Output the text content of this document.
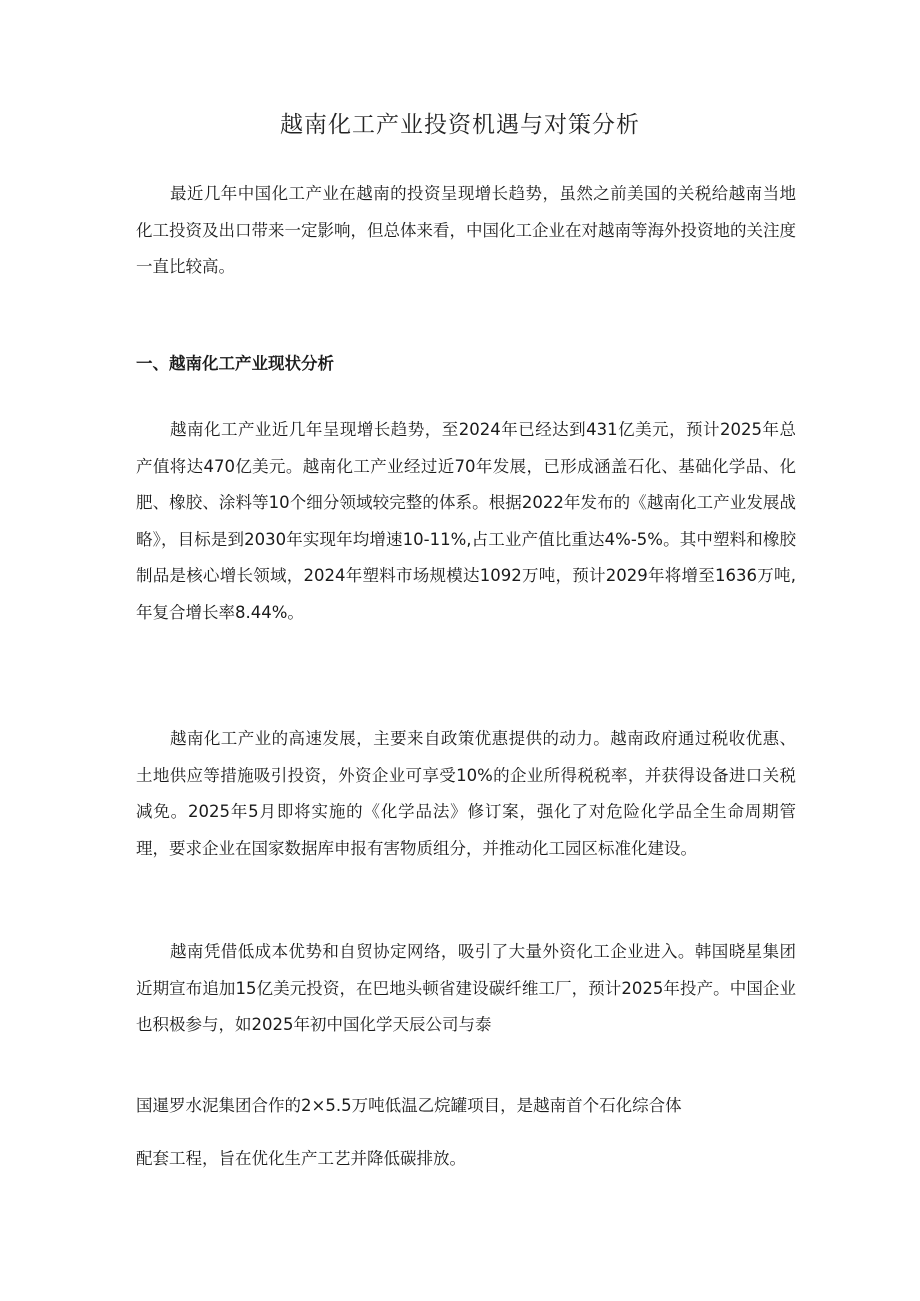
越南化工产业投资机遇与对策分析
最近几年中国化工产业在越南的投资呈现增长趋势，虽然之前美国的关税给越南当地化工投资及出口带来一定影响，但总体来看，中国化工企业在对越南等海外投资地的关注度一直比较高。
一、越南化工产业现状分析
越南化工产业近几年呈现增长趋势，至2024年已经达到431亿美元，预计2025年总产值将达470亿美元。越南化工产业经过近70年发展，已形成涵盖石化、基础化学品、化肥、橡胶、涂料等10个细分领域较完整的体系。根据2022年发布的《越南化工产业发展战略》，目标是到2030年实现年均增速10-11%,占工业产值比重达4%-5%。其中塑料和橡胶制品是核心增长领域，2024年塑料市场规模达1092万吨，预计2029年将增至1636万吨,年复合增长率8.44%。
越南化工产业的高速发展，主要来自政策优惠提供的动力。越南政府通过税收优惠、土地供应等措施吸引投资，外资企业可享受10%的企业所得税税率，并获得设备进口关税减免。2025年5月即将实施的《化学品法》修订案，强化了对危险化学品全生命周期管理，要求企业在国家数据库申报有害物质组分，并推动化工园区标准化建设。
越南凭借低成本优势和自贸协定网络，吸引了大量外资化工企业进入。韩国晓星集团近期宣布追加15亿美元投资，在巴地头顿省建设碳纤维工厂，预计2025年投产。中国企业也积极参与，如2025年初中国化学天辰公司与泰
国暹罗水泥集团合作的2×5.5万吨低温乙烷罐项目，是越南首个石化综合体
配套工程，旨在优化生产工艺并降低碳排放。
